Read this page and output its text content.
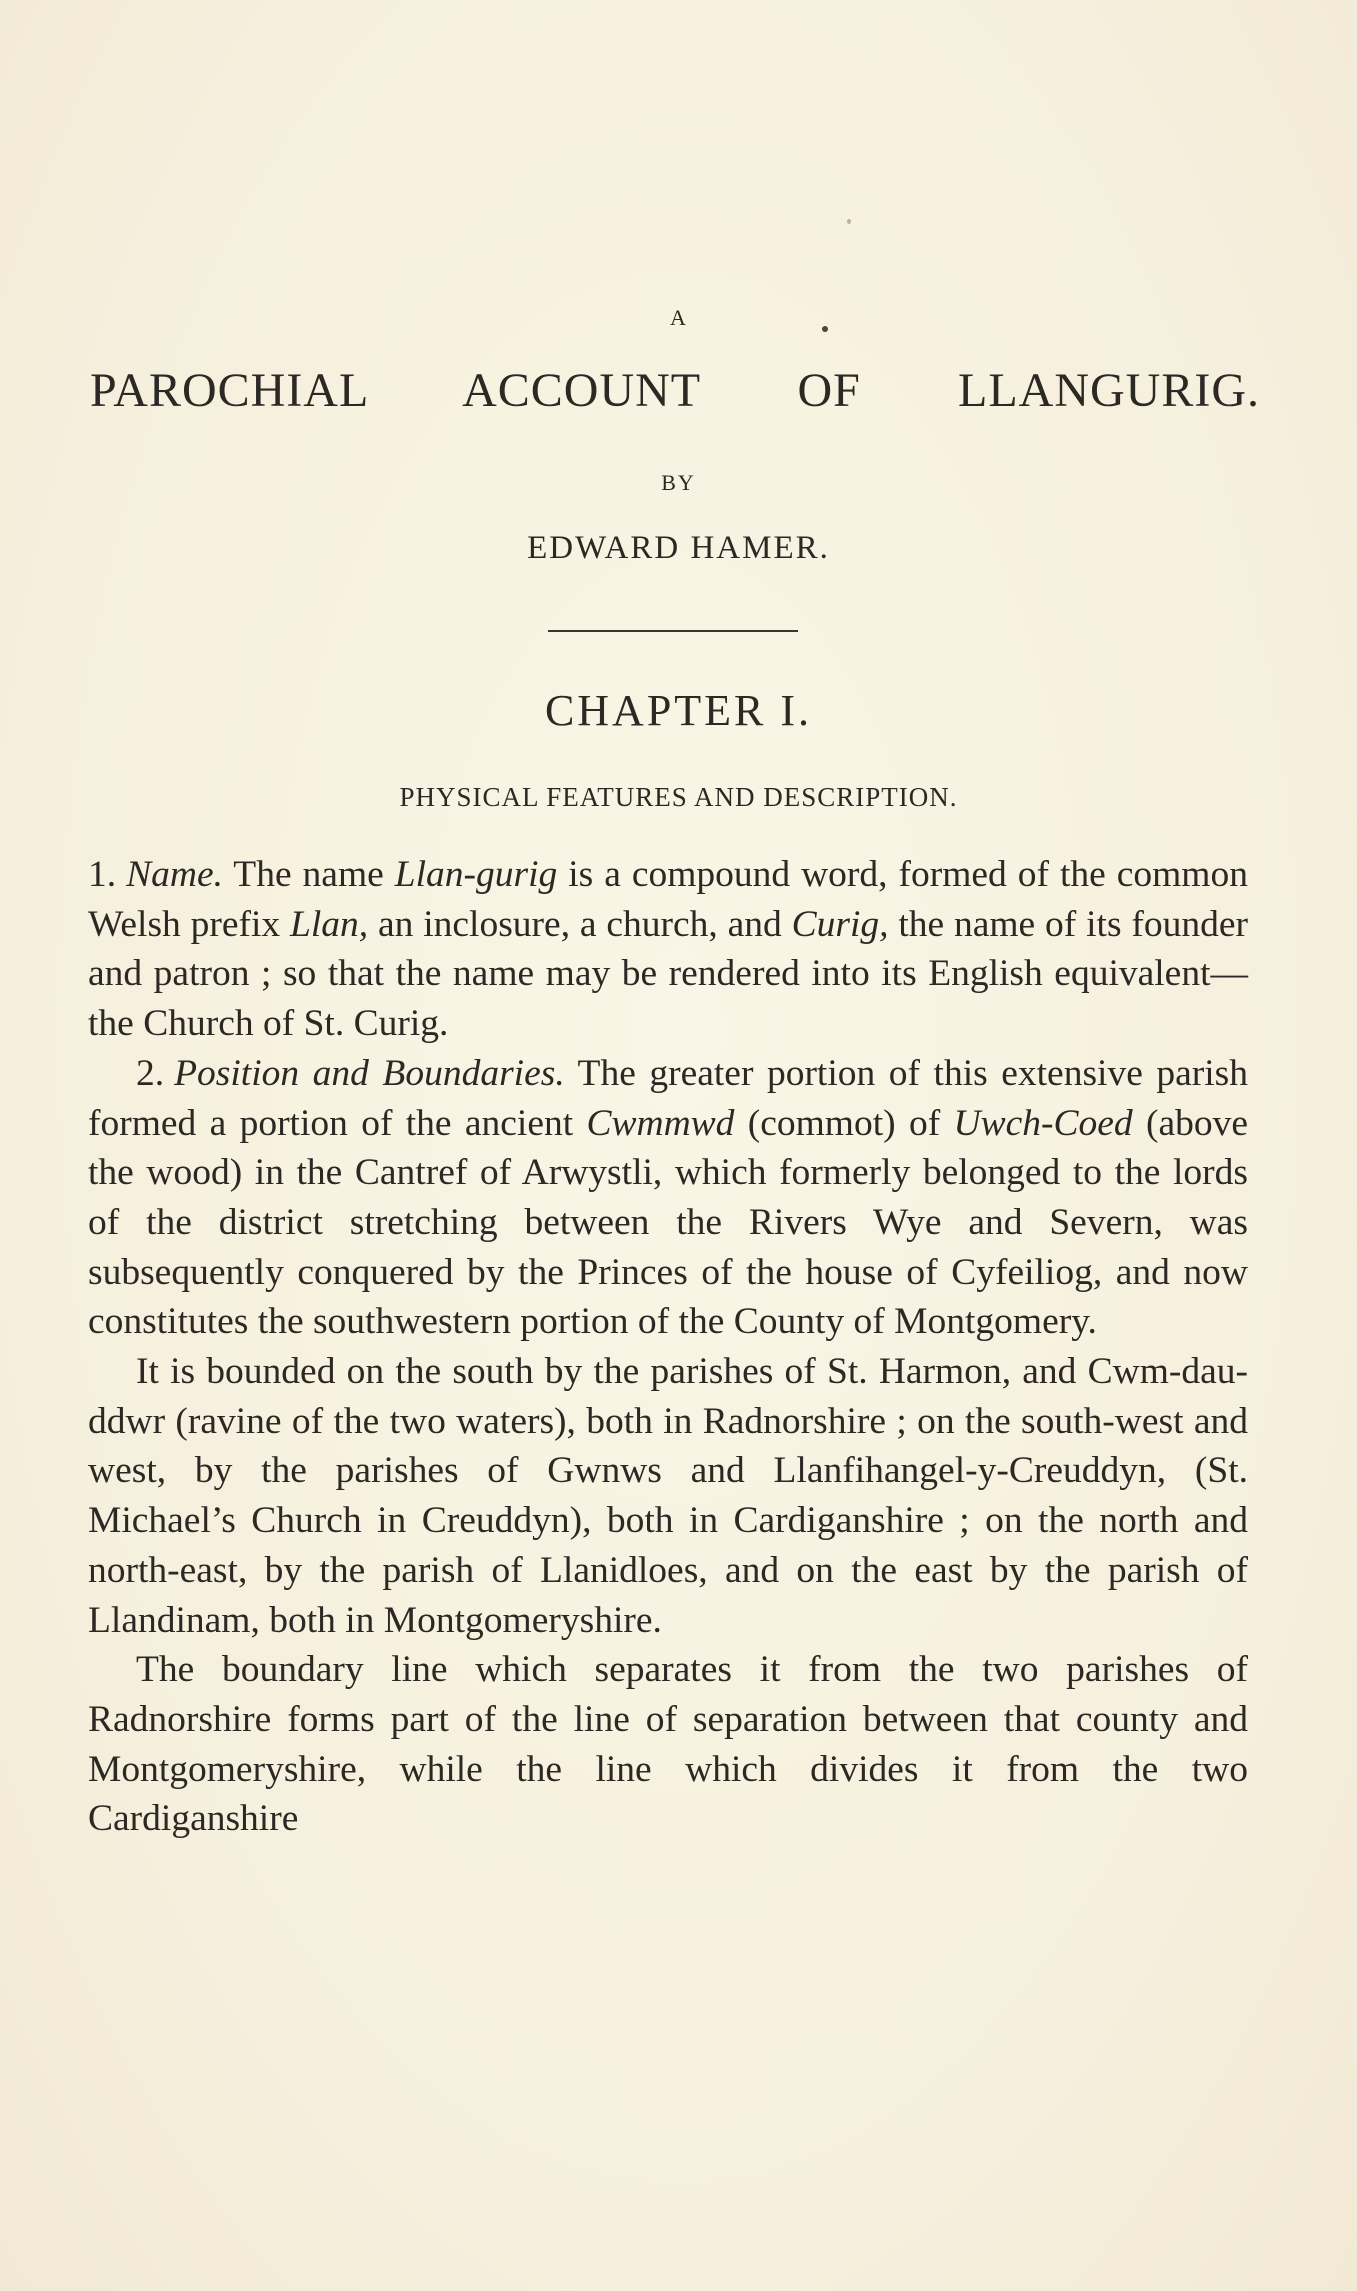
A
PAROCHIAL ACCOUNT OF LLANGURIG.
BY
EDWARD HAMER.
CHAPTER I.
PHYSICAL FEATURES AND DESCRIPTION.

1. Name. The name Llan-gurig is a compound word, formed of the common Welsh prefix Llan, an inclosure, a church, and Curig, the name of its founder and patron ; so that the name may be rendered into its English equivalent—the Church of St. Curig.

2. Position and Boundaries. The greater portion of this extensive parish formed a portion of the ancient Cwmmwd (commot) of Uwch-Coed (above the wood) in the Cantref of Arwystli, which formerly belonged to the lords of the district stretching between the Rivers Wye and Severn, was subsequently conquered by the Princes of the house of Cyfeiliog, and now constitutes the southwestern portion of the County of Montgomery.

It is bounded on the south by the parishes of St. Harmon, and Cwm-dau-ddwr (ravine of the two waters), both in Radnorshire ; on the south-west and west, by the parishes of Gwnws and Llanfihangel-y-Creuddyn, (St. Michael’s Church in Creuddyn), both in Cardiganshire ; on the north and north-east, by the parish of Llanidloes, and on the east by the parish of Llandinam, both in Montgomeryshire.

The boundary line which separates it from the two parishes of Radnorshire forms part of the line of separation between that county and Montgomeryshire, while the line which divides it from the two Cardiganshire
